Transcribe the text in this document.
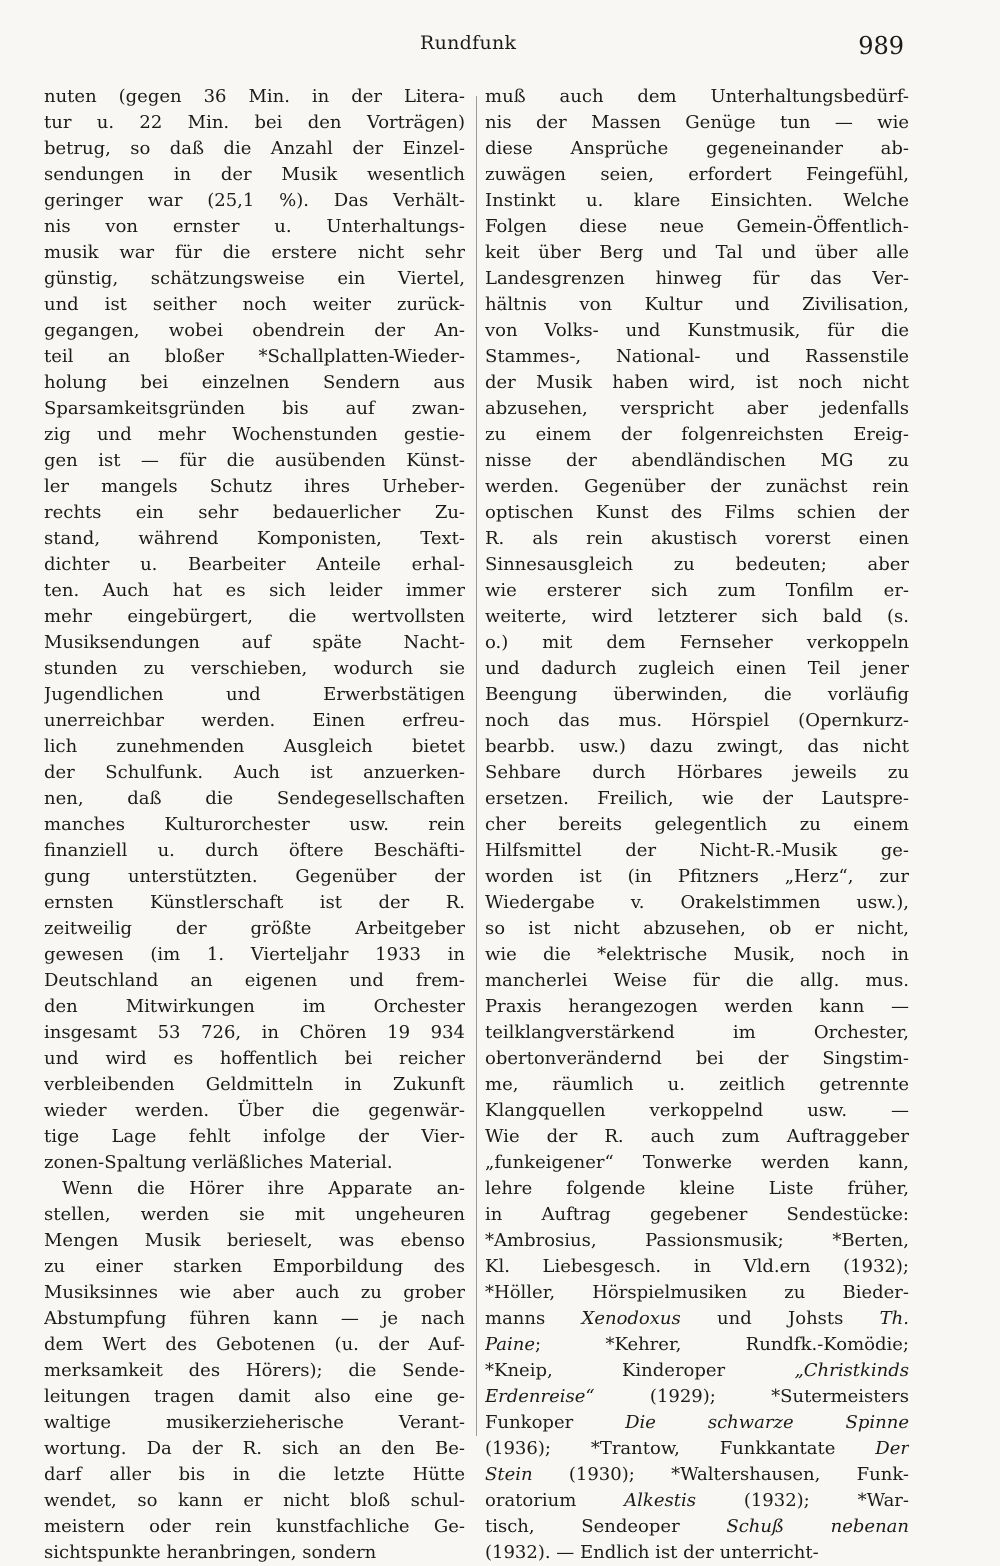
Rundfunk	989
nuten (gegen 36 Min. in der Litera-
tur u. 22 Min. bei den Vorträgen)
betrug, so daß die Anzahl der Einzel-
sendungen in der Musik wesentlich
geringer war (25,1 %). Das Verhält-
nis von ernster u. Unterhaltungs-
musik war für die erstere nicht sehr
günstig, schätzungsweise ein Viertel,
und ist seither noch weiter zurück-
gegangen, wobei obendrein der An-
teil an bloßer *Schallplatten-Wieder-
holung bei einzelnen Sendern aus
Sparsamkeitsgründen bis auf zwan-
zig und mehr Wochenstunden gestie-
gen ist — für die ausübenden Künst-
ler mangels Schutz ihres Urheber-
rechts ein sehr bedauerlicher Zu-
stand, während Komponisten, Text-
dichter u. Bearbeiter Anteile erhal-
ten. Auch hat es sich leider immer
mehr eingebürgert, die wertvollsten
Musiksendungen auf späte Nacht-
stunden zu verschieben, wodurch sie
Jugendlichen und Erwerbstätigen
unerreichbar werden. Einen erfreu-
lich zunehmenden Ausgleich bietet
der Schulfunk. Auch ist anzuerken-
nen, daß die Sendegesellschaften
manches Kulturorchester usw. rein
finanziell u. durch öftere Beschäfti-
gung unterstützten. Gegenüber der
ernsten Künstlerschaft ist der R.
zeitweilig der größte Arbeitgeber
gewesen (im 1. Vierteljahr 1933 in
Deutschland an eigenen und frem-
den Mitwirkungen im Orchester
insgesamt 53 726, in Chören 19 934
und wird es hoffentlich bei reicher
verbleibenden Geldmitteln in Zukunft
wieder werden. Über die gegenwär-
tige Lage fehlt infolge der Vier-
zonen-Spaltung verläßliches Material.
Wenn die Hörer ihre Apparate an-
stellen, werden sie mit ungeheuren
Mengen Musik berieselt, was ebenso
zu einer starken Emporbildung des
Musiksinnes wie aber auch zu grober
Abstumpfung führen kann — je nach
dem Wert des Gebotenen (u. der Auf-
merksamkeit des Hörers); die Sende-
leitungen tragen damit also eine ge-
waltige musikerzieherische Verant-
wortung. Da der R. sich an den Be-
darf aller bis in die letzte Hütte
wendet, so kann er nicht bloß schul-
meistern oder rein kunstfachliche Ge-
sichtspunkte heranbringen, sondern
muß auch dem Unterhaltungsbedürf-
nis der Massen Genüge tun — wie
diese Ansprüche gegeneinander ab-
zuwägen seien, erfordert Feingefühl,
Instinkt u. klare Einsichten. Welche
Folgen diese neue Gemein-Öffentlich-
keit über Berg und Tal und über alle
Landesgrenzen hinweg für das Ver-
hältnis von Kultur und Zivilisation,
von Volks- und Kunstmusik, für die
Stammes-, National- und Rassenstile
der Musik haben wird, ist noch nicht
abzusehen, verspricht aber jedenfalls
zu einem der folgenreichsten Ereig-
nisse der abendländischen MG zu
werden. Gegenüber der zunächst rein
optischen Kunst des Films schien der
R. als rein akustisch vorerst einen
Sinnesausgleich zu bedeuten; aber
wie ersterer sich zum Tonfilm er-
weiterte, wird letzterer sich bald (s.
o.) mit dem Fernseher verkoppeln
und dadurch zugleich einen Teil jener
Beengung überwinden, die vorläufig
noch das mus. Hörspiel (Opernkurz-
bearbb. usw.) dazu zwingt, das nicht
Sehbare durch Hörbares jeweils zu
ersetzen. Freilich, wie der Lautspre-
cher bereits gelegentlich zu einem
Hilfsmittel der Nicht-R.-Musik ge-
worden ist (in Pfitzners „Herz“, zur
Wiedergabe v. Orakelstimmen usw.),
so ist nicht abzusehen, ob er nicht,
wie die *elektrische Musik, noch in
mancherlei Weise für die allg. mus.
Praxis herangezogen werden kann —
teilklangverstärkend im Orchester,
obertonverändernd bei der Singstim-
me, räumlich u. zeitlich getrennte
Klangquellen verkoppelnd usw. —
Wie der R. auch zum Auftraggeber
„funkeigener“ Tonwerke werden kann,
lehre folgende kleine Liste früher,
in Auftrag gegebener Sendestücke:
*Ambrosius, Passionsmusik; *Berten,
Kl. Liebesgesch. in Vld.ern (1932);
*Höller, Hörspielmusiken zu Bieder-
manns Xenodoxus und Johsts Th.
Paine; *Kehrer, Rundfk.-Komödie;
*Kneip, Kinderoper „Christkinds
Erdenreise“ (1929); *Sutermeisters
Funkoper Die schwarze Spinne
(1936); *Trantow, Funkkantate Der
Stein (1930); *Waltershausen, Funk-
oratorium Alkestis (1932); *War-
tisch, Sendeoper Schuß nebenan
(1932). — Endlich ist der unterricht-
